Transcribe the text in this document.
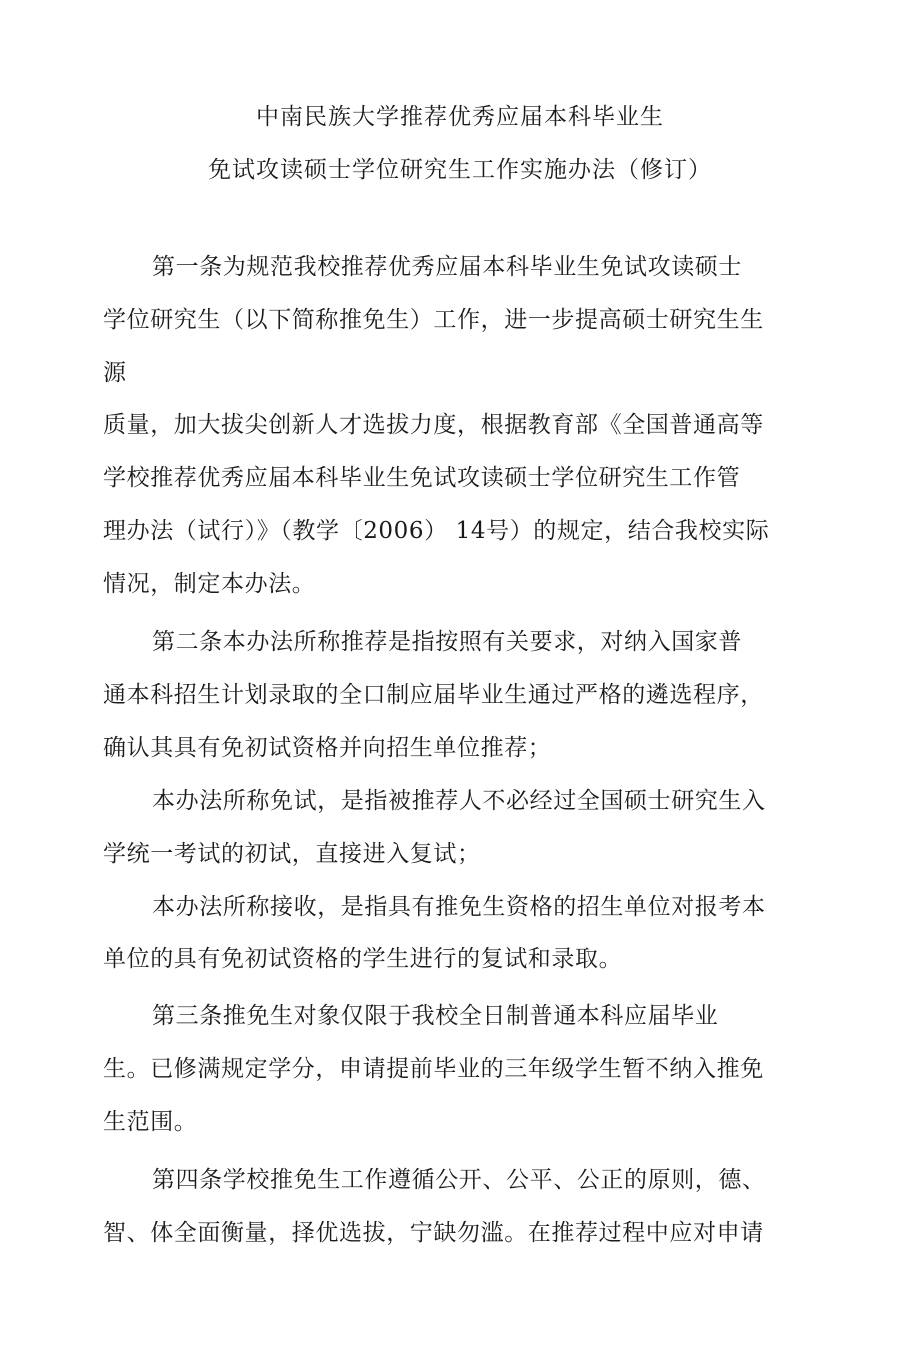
中南民族大学推荐优秀应届本科毕业生
免试攻读硕士学位研究生工作实施办法（修订）
第一条为规范我校推荐优秀应届本科毕业生免试攻读硕士
学位研究生（以下简称推免生）工作，进一步提高硕士研究生生
源
质量，加大拔尖创新人才选拔力度，根据教育部《全国普通高等
学校推荐优秀应届本科毕业生免试攻读硕士学位研究生工作管
理办法（试行）》（教学〔2006） 14号）的规定，结合我校实际
情况，制定本办法。
第二条本办法所称推荐是指按照有关要求，对纳入国家普
通本科招生计划录取的全口制应届毕业生通过严格的遴选程序，
确认其具有免初试资格并向招生单位推荐；
本办法所称免试，是指被推荐人不必经过全国硕士研究生入
学统一考试的初试，直接进入复试；
本办法所称接收，是指具有推免生资格的招生单位对报考本
单位的具有免初试资格的学生进行的复试和录取。
第三条推免生对象仅限于我校全日制普通本科应届毕业
生。已修满规定学分，申请提前毕业的三年级学生暂不纳入推免
生范围。
第四条学校推免生工作遵循公开、公平、公正的原则，德、
智、体全面衡量，择优选拔，宁缺勿滥。在推荐过程中应对申请
